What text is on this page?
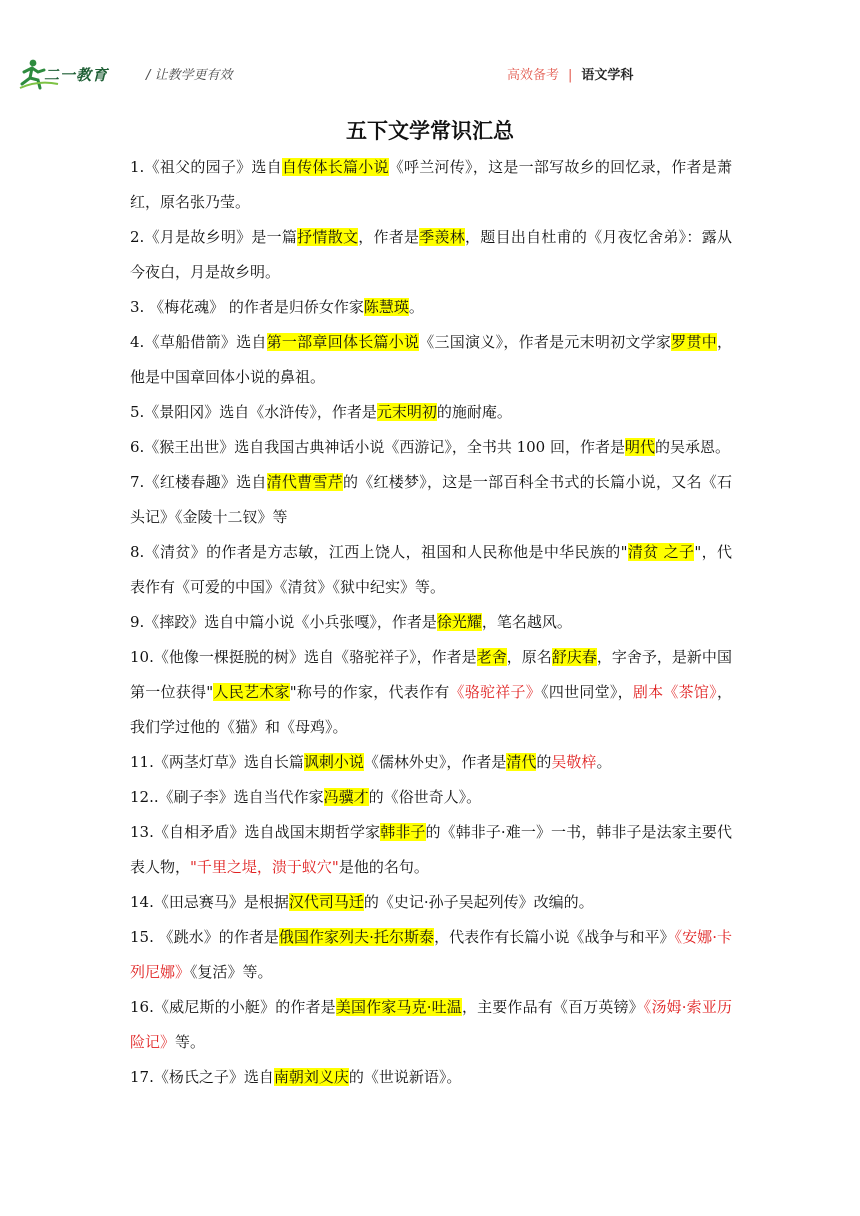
二一教育	/ 让教学更有效	高效备考 | 语文学科
五下文学常识汇总

1.《祖父的园子》选自自传体长篇小说《呼兰河传》，这是一部写故乡的回忆录，作者是萧红，原名张乃莹。

2.《月是故乡明》是一篇抒情散文，作者是季羡林，题目出自杜甫的《月夜忆舍弟》：露从今夜白，月是故乡明。

3. 《梅花魂》 的作者是归侨女作家陈慧瑛。

4.《草船借箭》选自第一部章回体长篇小说《三国演义》，作者是元末明初文学家罗贯中，他是中国章回体小说的鼻祖。

5.《景阳冈》选自《水浒传》，作者是元末明初的施耐庵。

6.《猴王出世》选自我国古典神话小说《西游记》，全书共 100 回，作者是明代的吴承恩。

7.《红楼春趣》选自清代曹雪芹的《红楼梦》，这是一部百科全书式的长篇小说，又名《石头记》《金陵十二钗》等

8.《清贫》的作者是方志敏，江西上饶人，祖国和人民称他是中华民族的"清贫 之子"，代表作有《可爱的中国》《清贫》《狱中纪实》等。

9.《摔跤》选自中篇小说《小兵张嘎》，作者是徐光耀，笔名越风。

10.《他像一棵挺脱的树》选自《骆驼祥子》，作者是老舍，原名舒庆春，字舍予，是新中国第一位获得"人民艺术家"称号的作家，代表作有《骆驼祥子》《四世同堂》，剧本《茶馆》，我们学过他的《猫》和《母鸡》。

11.《两茎灯草》选自长篇讽刺小说《儒林外史》，作者是清代的吴敬梓。

12..《刷子李》选自当代作家冯骥才的《俗世奇人》。

13.《自相矛盾》选自战国末期哲学家韩非子的《韩非子·难一》一书，韩非子是法家主要代表人物，"千里之堤，溃于蚁穴"是他的名句。

14.《田忌赛马》是根据汉代司马迁的《史记·孙子吴起列传》改编的。

15. 《跳水》的作者是俄国作家列夫·托尔斯泰，代表作有长篇小说《战争与和平》《安娜·卡列尼娜》《复活》等。

16.《威尼斯的小艇》的作者是美国作家马克·吐温，主要作品有《百万英镑》《汤姆·索亚历险记》等。

17.《杨氏之子》选自南朝刘义庆的《世说新语》。
